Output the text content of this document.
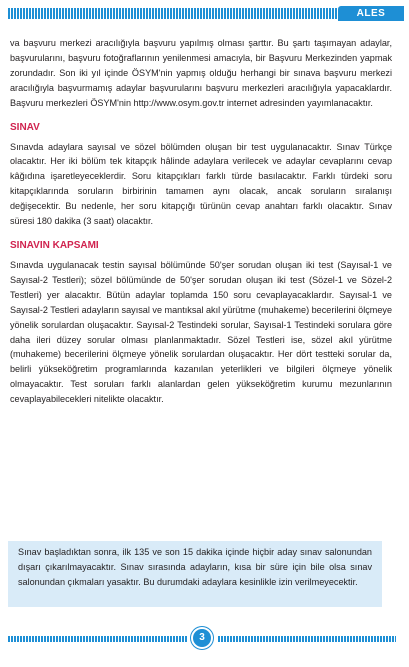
ALES

va başvuru merkezi aracılığıyla başvuru yapılmış olması şarttır. Bu şartı taşımayan adaylar, başvurularını, başvuru fotoğraflarının yenilenmesi amacıyla, bir Başvuru Merkezinden yapmak zorundadır. Son iki yıl içinde ÖSYM'nin yapmış olduğu herhangi bir sınava başvuru merkezi aracılığıyla başvurmamış adaylar başvurularını başvuru merkezleri aracılığıyla yapacaklardır. Başvuru merkezleri ÖSYM'nin http://www.osym.gov.tr internet adresinden yayımlanacaktır.

SINAV

Sınavda adaylara sayısal ve sözel bölümden oluşan bir test uygulanacaktır. Sınav Türkçe olacaktır. Her iki bölüm tek kitapçık hâlinde adaylara verilecek ve adaylar cevaplarını cevap kâğıdına işaretleyeceklerdir. Soru kitapçıkları farklı türde basılacaktır. Farklı türdeki soru kitapçıklarında soruların birbirinin tamamen aynı olacak, ancak soruların sıralanışı değişecektir. Bu nedenle, her soru kitapçığı türünün cevap anahtarı farklı olacaktır. Sınav süresi 180 dakika (3 saat) olacaktır.

SINAVIN KAPSAMI

Sınavda uygulanacak testin sayısal bölümünde 50'şer sorudan oluşan iki test (Sayısal-1 ve Sayısal-2 Testleri); sözel bölümünde de 50'şer sorudan oluşan iki test (Sözel-1 ve Sözel-2 Testleri) yer alacaktır. Bütün adaylar toplamda 150 soru cevaplayacaklardır. Sayısal-1 ve Sayısal-2 Testleri adayların sayısal ve mantıksal akıl yürütme (muhakeme) becerilerini ölçmeye yönelik sorulardan oluşacaktır. Sayısal-2 Testindeki sorular, Sayısal-1 Testindeki sorulara göre daha ileri düzey sorular olması planlanmaktadır. Sözel Testleri ise, sözel akıl yürütme (muhakeme) becerilerini ölçmeye yönelik sorulardan oluşacaktır. Her dört testteki sorular da, belirli yükseköğretim programlarında kazanılan yeterlikleri ve bilgileri ölçmeye yönelik olmayacaktır. Test soruları farklı alanlardan gelen yükseköğretim kurumu mezunlarının cevaplayabilecekleri nitelikte olacaktır.

Sınav başladıktan sonra, ilk 135 ve son 15 dakika içinde hiçbir aday sınav salonundan dışarı çıkarılmayacaktır. Sınav sırasında adayların, kısa bir süre için bile olsa sınav salonundan çıkmaları yasaktır. Bu durumdaki adaylara kesinlikle izin verilmeyecektir.

3
